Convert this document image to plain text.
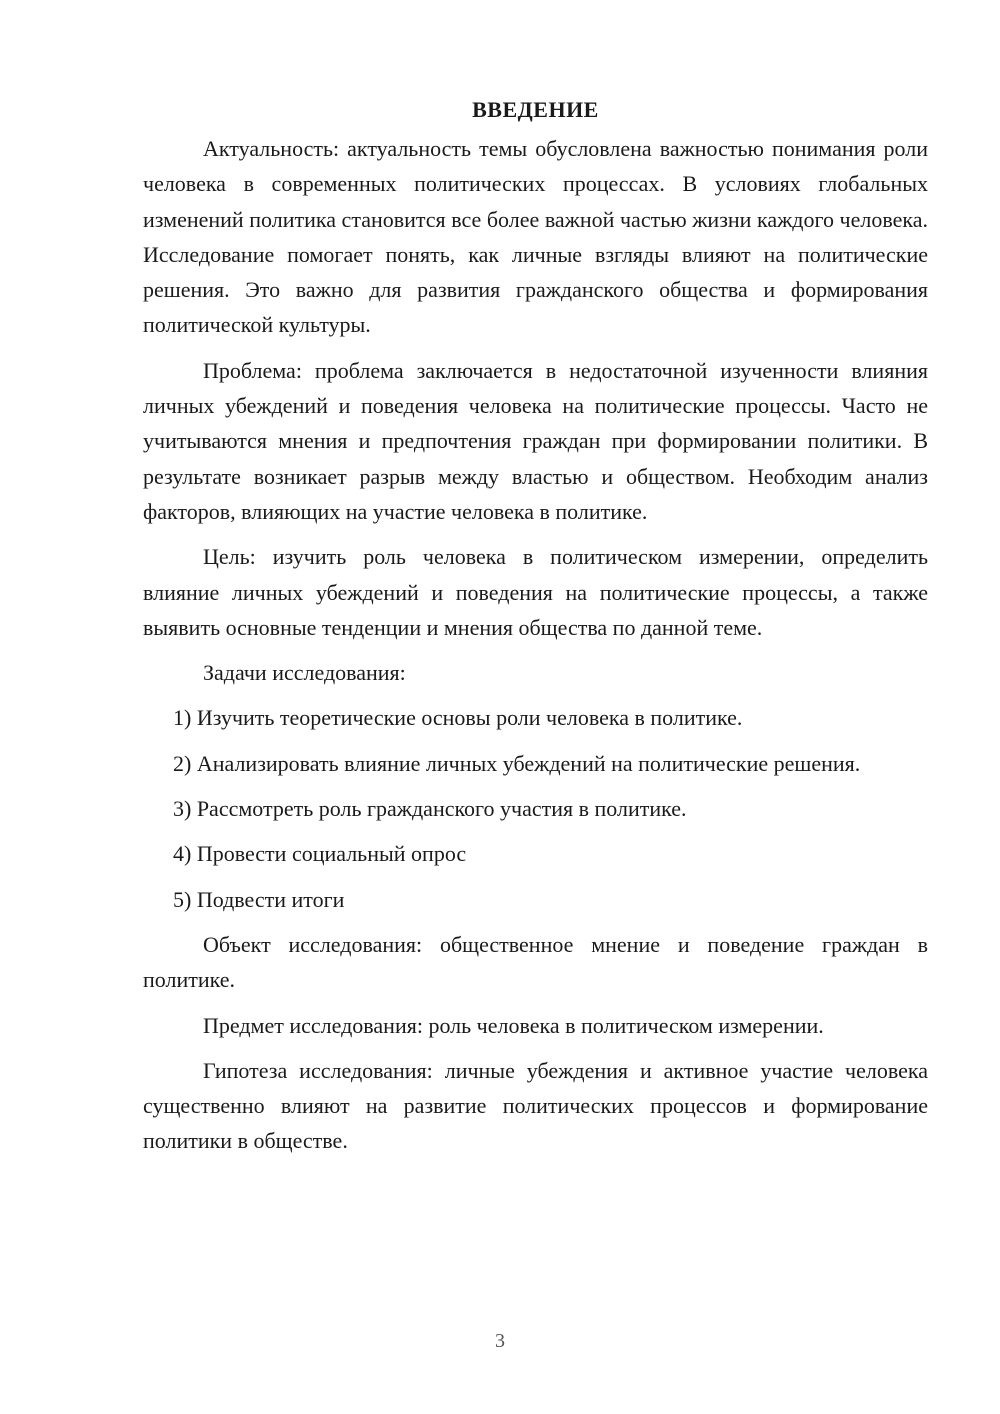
ВВЕДЕНИЕ

Актуальность: актуальность темы обусловлена важностью понимания роли человека в современных политических процессах. В условиях глобальных изменений политика становится все более важной частью жизни каждого человека. Исследование помогает понять, как личные взгляды влияют на политические решения. Это важно для развития гражданского общества и формирования политической культуры.

Проблема: проблема заключается в недостаточной изученности влияния личных убеждений и поведения человека на политические процессы. Часто не учитываются мнения и предпочтения граждан при формировании политики. В результате возникает разрыв между властью и обществом. Необходим анализ факторов, влияющих на участие человека в политике.

Цель: изучить роль человека в политическом измерении, определить влияние личных убеждений и поведения на политические процессы, а также выявить основные тенденции и мнения общества по данной теме.

Задачи исследования:

1) Изучить теоретические основы роли человека в политике.

2) Анализировать влияние личных убеждений на политические решения.

3) Рассмотреть роль гражданского участия в политике.

4) Провести социальный опрос

5) Подвести итоги

Объект исследования: общественное мнение и поведение граждан в политике.

Предмет исследования: роль человека в политическом измерении.

Гипотеза исследования: личные убеждения и активное участие человека существенно влияют на развитие политических процессов и формирование политики в обществе.

3
